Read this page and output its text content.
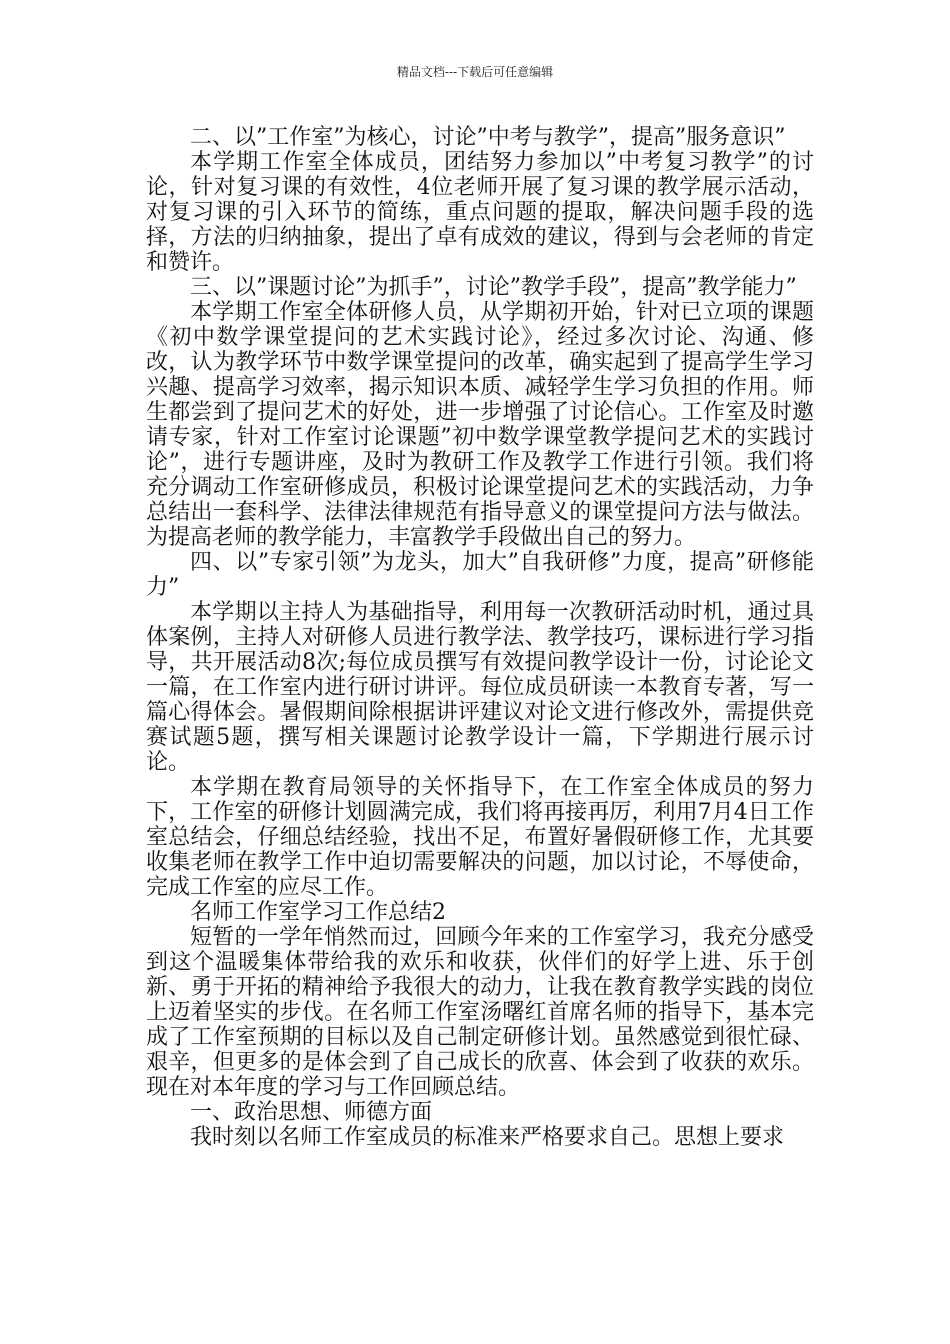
精品文档---下载后可任意编辑

二、以”工作室”为核心，讨论”中考与教学”，提高”服务意识”

本学期工作室全体成员，团结努力参加以”中考复习教学”的讨论，针对复习课的有效性，4位老师开展了复习课的教学展示活动，对复习课的引入环节的简练，重点问题的提取，解决问题手段的选择，方法的归纳抽象，提出了卓有成效的建议，得到与会老师的肯定和赞许。

三、以”课题讨论”为抓手”，讨论”教学手段”，提高”教学能力”

本学期工作室全体研修人员，从学期初开始，针对已立项的课题《初中数学课堂提问的艺术实践讨论》，经过多次讨论、沟通、修改，认为教学环节中数学课堂提问的改革，确实起到了提高学生学习兴趣、提高学习效率，揭示知识本质、减轻学生学习负担的作用。师生都尝到了提问艺术的好处，进一步增强了讨论信心。工作室及时邀请专家，针对工作室讨论课题”初中数学课堂教学提问艺术的实践讨论”，进行专题讲座，及时为教研工作及教学工作进行引领。我们将充分调动工作室研修成员，积极讨论课堂提问艺术的实践活动，力争总结出一套科学、法律法律规范有指导意义的课堂提问方法与做法。为提高老师的教学能力，丰富教学手段做出自己的努力。

四、以”专家引领”为龙头，加大”自我研修”力度，提高”研修能力”

本学期以主持人为基础指导，利用每一次教研活动时机，通过具体案例，主持人对研修人员进行教学法、教学技巧，课标进行学习指导，共开展活动8次;每位成员撰写有效提问教学设计一份，讨论论文一篇，在工作室内进行研讨讲评。每位成员研读一本教育专著，写一篇心得体会。暑假期间除根据讲评建议对论文进行修改外，需提供竞赛试题5题，撰写相关课题讨论教学设计一篇，下学期进行展示讨论。

本学期在教育局领导的关怀指导下，在工作室全体成员的努力下，工作室的研修计划圆满完成，我们将再接再厉，利用7月4日工作室总结会，仔细总结经验，找出不足，布置好暑假研修工作，尤其要收集老师在教学工作中迫切需要解决的问题，加以讨论，不辱使命，完成工作室的应尽工作。

名师工作室学习工作总结2

短暂的一学年悄然而过，回顾今年来的工作室学习，我充分感受到这个温暖集体带给我的欢乐和收获，伙伴们的好学上进、乐于创新、勇于开拓的精神给予我很大的动力，让我在教育教学实践的岗位上迈着坚实的步伐。在名师工作室汤曙红首席名师的指导下，基本完成了工作室预期的目标以及自己制定研修计划。虽然感觉到很忙碌、艰辛，但更多的是体会到了自己成长的欣喜、体会到了收获的欢乐。现在对本年度的学习与工作回顾总结。

一、政治思想、师德方面

我时刻以名师工作室成员的标准来严格要求自己。思想上要求
